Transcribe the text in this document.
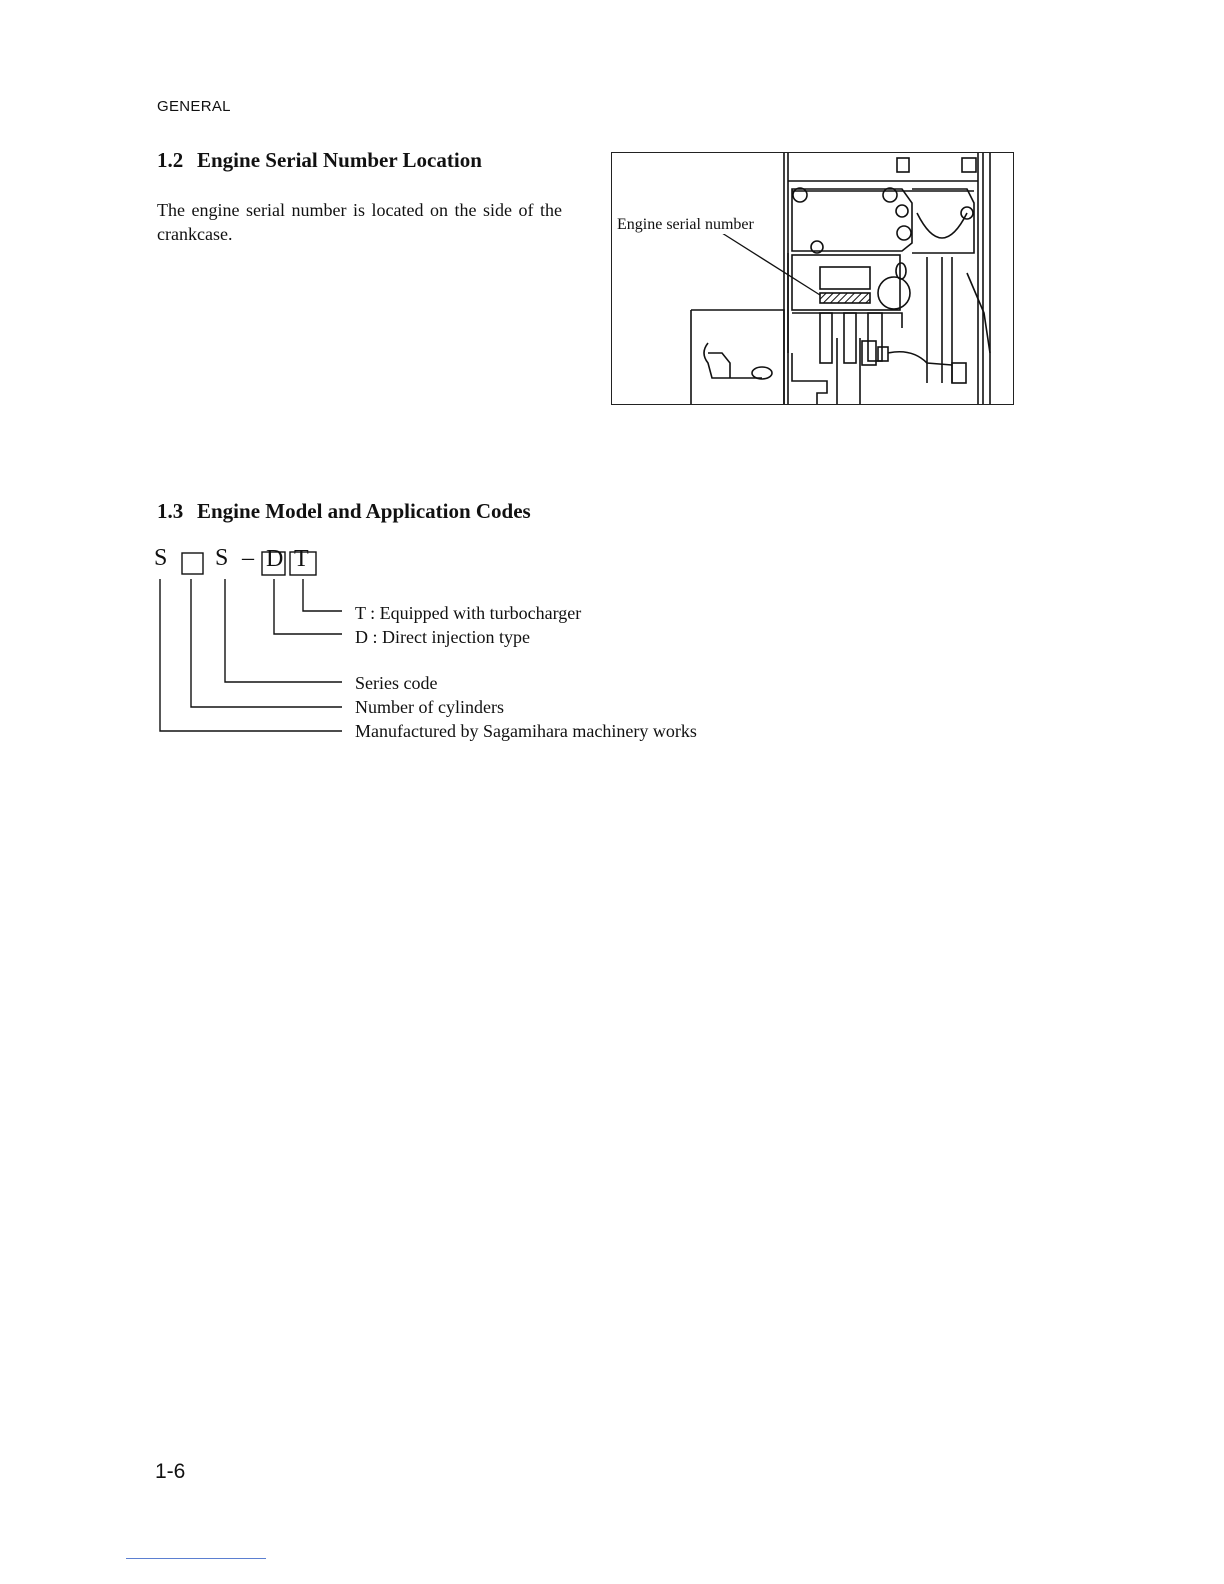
GENERAL
1.2 Engine Serial Number Location
The engine serial number is located on the side of the crankcase.	Engine serial number
1.3 Engine Model and Application Codes
S S – D T
T : Equipped with turbocharger
D : Direct injection type
Series code
Number of cylinders
Manufactured by Sagamihara machinery works
1-6
